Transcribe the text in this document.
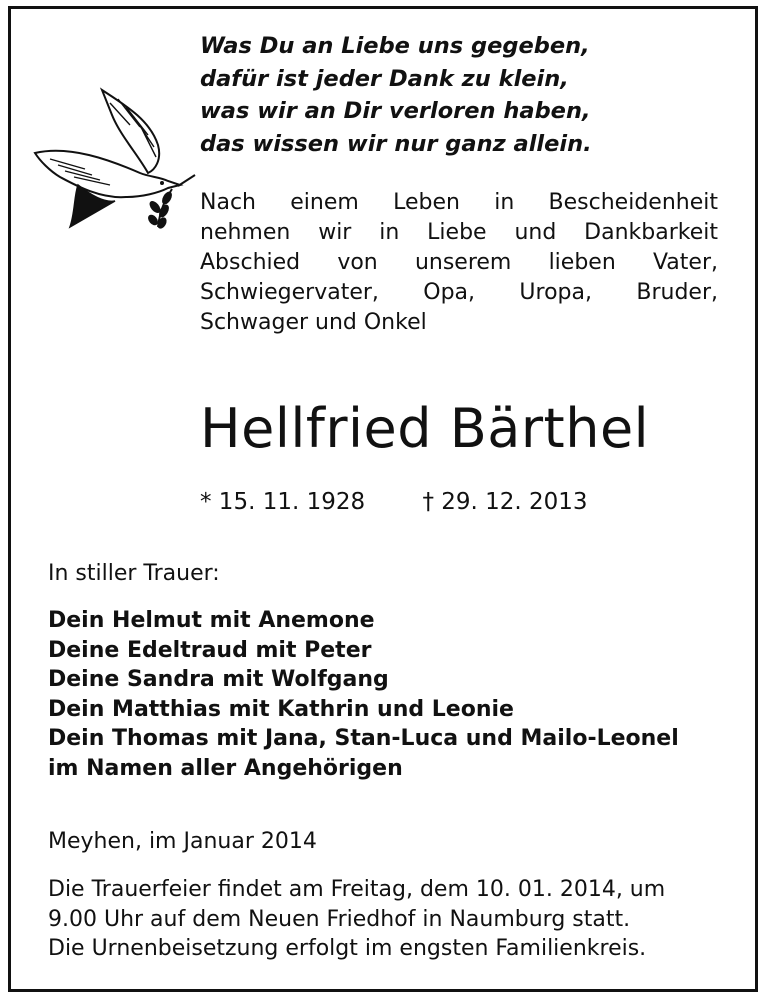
Was Du an Liebe uns gegeben,
dafür ist jeder Dank zu klein,
was wir an Dir verloren haben,
das wissen wir nur ganz allein.
Nach einem Leben in Bescheidenheit
nehmen wir in Liebe und Dankbarkeit
Abschied von unserem lieben Vater,
Schwiegervater, Opa, Uropa, Bruder,
Schwager und Onkel
Hellfried Bärthel
* 15. 11. 1928 † 29. 12. 2013
In stiller Trauer:
Dein Helmut mit Anemone
Deine Edeltraud mit Peter
Deine Sandra mit Wolfgang
Dein Matthias mit Kathrin und Leonie
Dein Thomas mit Jana, Stan-Luca und Mailo-Leonel
im Namen aller Angehörigen
Meyhen, im Januar 2014
Die Trauerfeier findet am Freitag, dem 10. 01. 2014, um
9.00 Uhr auf dem Neuen Friedhof in Naumburg statt.
Die Urnenbeisetzung erfolgt im engsten Familienkreis.
